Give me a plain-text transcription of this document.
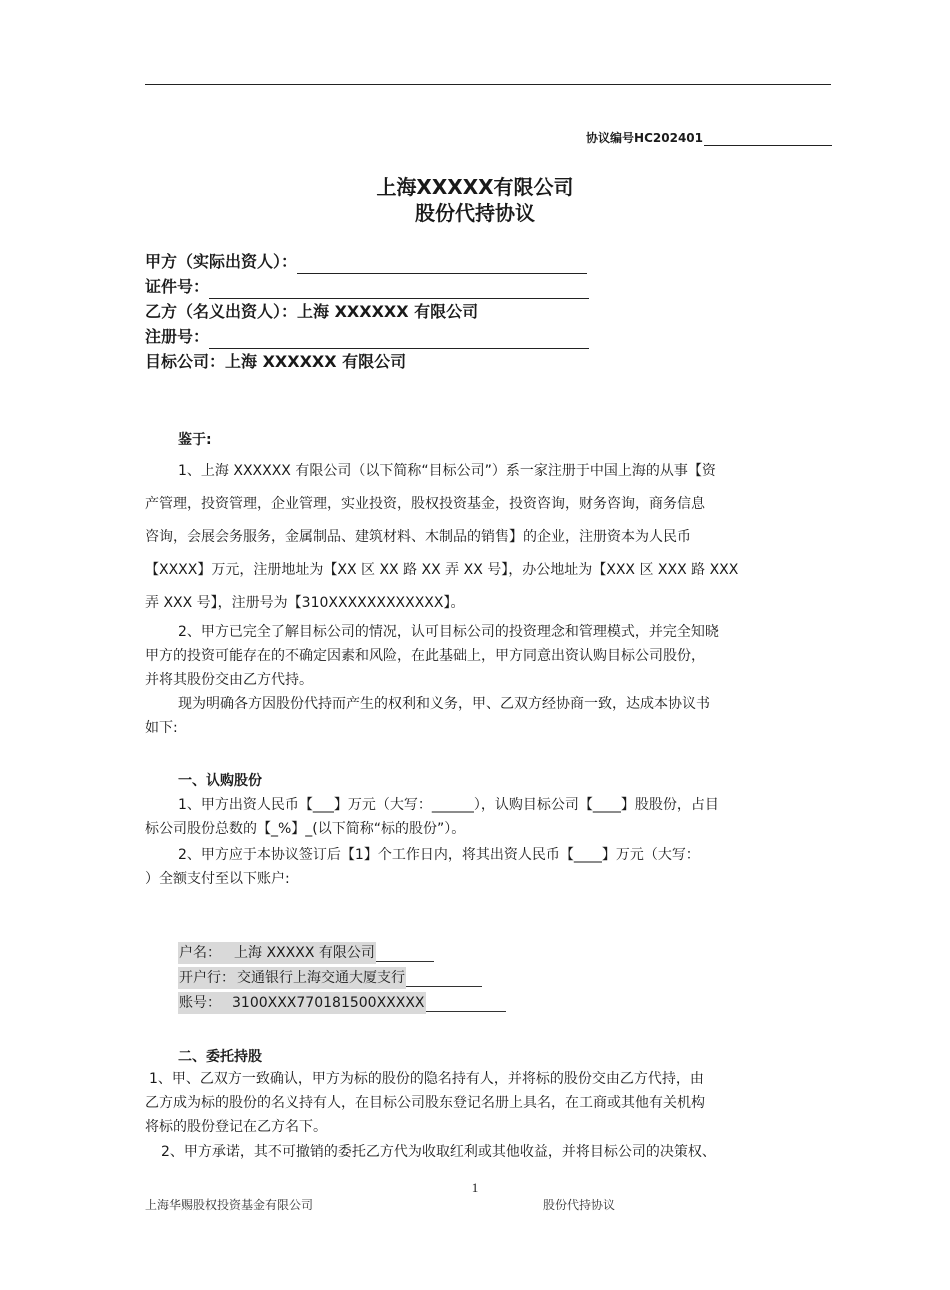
协议编号HC202401
上海XXXXX有限公司
股份代持协议
甲方（实际出资人）：
证件号：
乙方（名义出资人）：上海 XXXXXX 有限公司
注册号：
目标公司：上海 XXXXXX 有限公司
鉴于:
1、上海 XXXXXX 有限公司（以下简称“目标公司”）系一家注册于中国上海的从事【资
产管理，投资管理，企业管理，实业投资，股权投资基金，投资咨询，财务咨询，商务信息
咨询，会展会务服务，金属制品、建筑材料、木制品的销售】的企业，注册资本为人民币
【XXXX】万元，注册地址为【XX 区 XX 路 XX 弄 XX 号】，办公地址为【XXX 区 XXX 路 XXX
弄 XXX 号】，注册号为【310XXXXXXXXXXXX】。
2、甲方已完全了解目标公司的情况，认可目标公司的投资理念和管理模式，并完全知晓
甲方的投资可能存在的不确定因素和风险，在此基础上，甲方同意出资认购目标公司股份，
并将其股份交由乙方代持。
现为明确各方因股份代持而产生的权利和义务，甲、乙双方经协商一致，达成本协议书
如下:
一、认购股份
1、甲方出资人民币【___】万元（大写：______），认购目标公司【____】股股份，占目
标公司股份总数的【_%】_(以下简称“标的股份”）。
2、甲方应于本协议签订后【1】个工作日内，将其出资人民币【____】万元（大写：
）全额支付至以下账户:
户名： 上海 XXXXX 有限公司
开户行： 交通银行上海交通大厦支行
账号： 3100XXX770181500XXXXX
二、委托持股
1、甲、乙双方一致确认，甲方为标的股份的隐名持有人，并将标的股份交由乙方代持，由
乙方成为标的股份的名义持有人，在目标公司股东登记名册上具名，在工商或其他有关机构
将标的股份登记在乙方名下。
2、甲方承诺，其不可撤销的委托乙方代为收取红利或其他收益，并将目标公司的决策权、
1
上海华赐股权投资基金有限公司	股份代持协议
